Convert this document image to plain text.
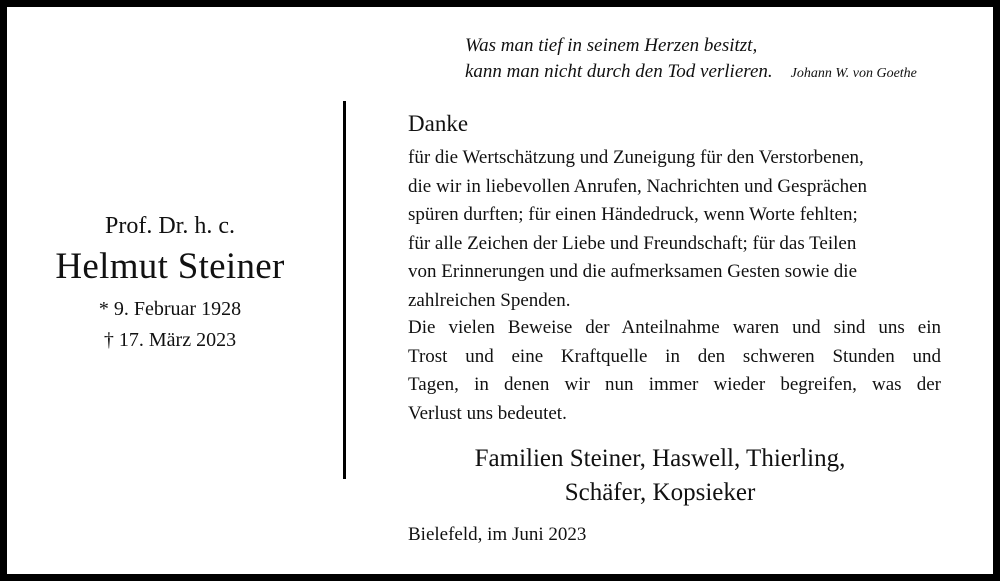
Was man tief in seinem Herzen besitzt,
kann man nicht durch den Tod verlieren. Johann W. von Goethe
Prof. Dr. h. c.
Helmut Steiner
* 9. Februar 1928
† 17. März 2023
Danke
für die Wertschätzung und Zuneigung für den Verstorbenen,
die wir in liebevollen Anrufen, Nachrichten und Gesprächen
spüren durften; für einen Händedruck, wenn Worte fehlten;
für alle Zeichen der Liebe und Freundschaft; für das Teilen
von Erinnerungen und die aufmerksamen Gesten sowie die
zahlreichen Spenden.
Die vielen Beweise der Anteilnahme waren und sind uns ein
Trost und eine Kraftquelle in den schweren Stunden und
Tagen, in denen wir nun immer wieder begreifen, was der
Verlust uns bedeutet.
Familien Steiner, Haswell, Thierling,
Schäfer, Kopsieker
Bielefeld, im Juni 2023
